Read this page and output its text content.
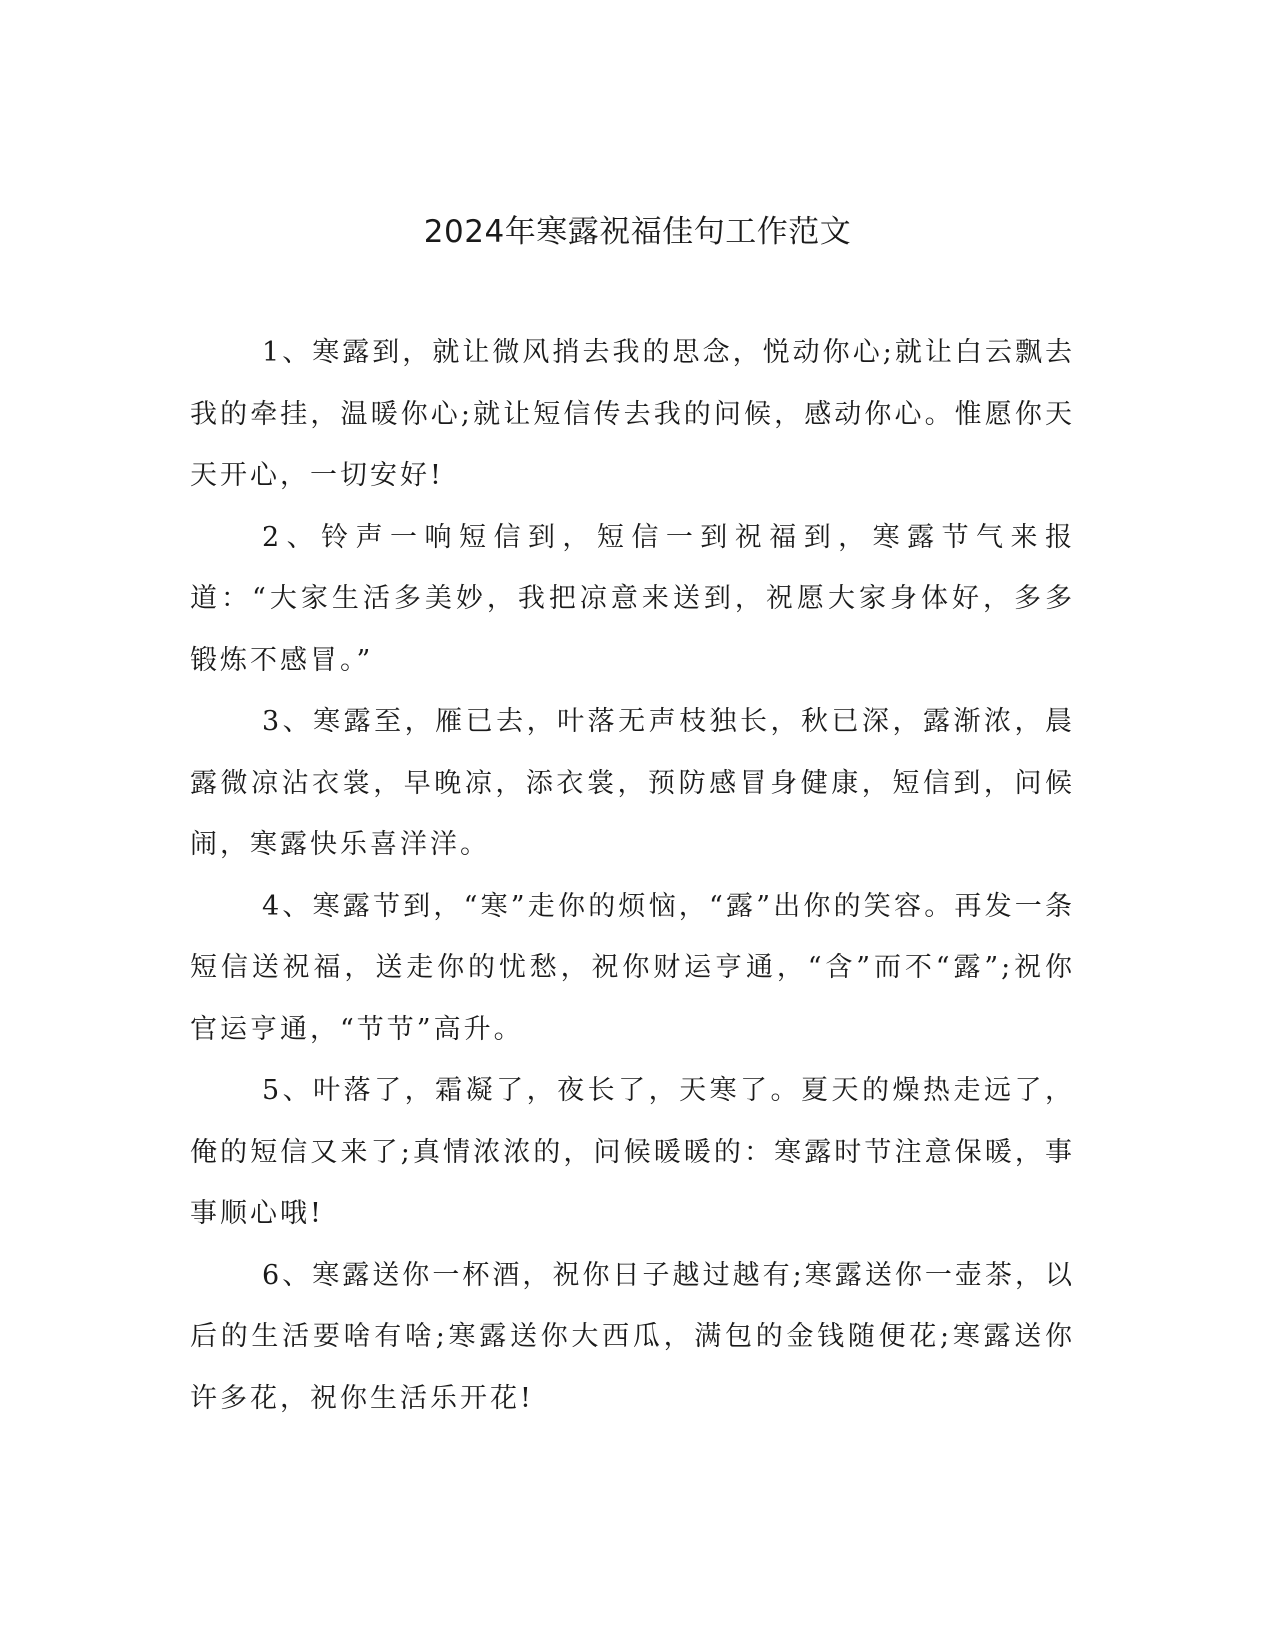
2024年寒露祝福佳句工作范文

1、寒露到，就让微风捎去我的思念，悦动你心;就让白云飘去我的牵挂，温暖你心;就让短信传去我的问候，感动你心。惟愿你天天开心，一切安好!

2、铃声一响短信到，短信一到祝福到，寒露节气来报道：“大家生活多美妙，我把凉意来送到，祝愿大家身体好，多多锻炼不感冒。”

3、寒露至，雁已去，叶落无声枝独长，秋已深，露渐浓，晨露微凉沾衣裳，早晚凉，添衣裳，预防感冒身健康，短信到，问候闹，寒露快乐喜洋洋。

4、寒露节到，“寒”走你的烦恼，“露”出你的笑容。再发一条短信送祝福，送走你的忧愁，祝你财运亨通，“含”而不“露”;祝你官运亨通，“节节”高升。

5、叶落了，霜凝了，夜长了，天寒了。夏天的燥热走远了，俺的短信又来了;真情浓浓的，问候暖暖的：寒露时节注意保暖，事事顺心哦!

6、寒露送你一杯酒，祝你日子越过越有;寒露送你一壶茶，以后的生活要啥有啥;寒露送你大西瓜，满包的金钱随便花;寒露送你许多花，祝你生活乐开花!
